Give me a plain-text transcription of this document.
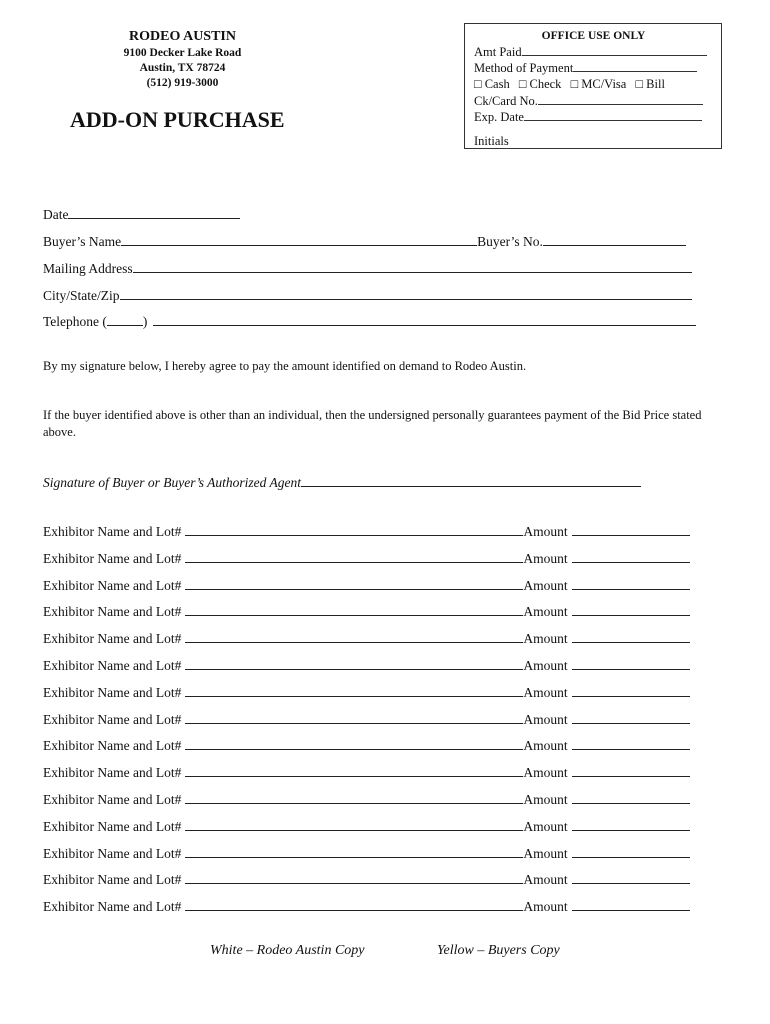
RODEO AUSTIN
9100 Decker Lake Road
Austin, TX 78724
(512) 919-3000
ADD-ON PURCHASE
OFFICE USE ONLY
Amt Paid
Method of Payment
□ Cash □ Check □ MC/Visa □ Bill
Ck/Card No.
Exp. Date
Initials
Date
Buyer’s Name	Buyer’s No.
Mailing Address
City/State/Zip
Telephone (	)
By my signature below, I hereby agree to pay the amount identified on demand to Rodeo Austin.
If the buyer identified above is other than an individual, then the undersigned personally guarantees payment of the Bid Price stated above.
Signature of Buyer or Buyer’s Authorized Agent
Exhibitor Name and Lot#	Amount
Exhibitor Name and Lot#	Amount
Exhibitor Name and Lot#	Amount
Exhibitor Name and Lot#	Amount
Exhibitor Name and Lot#	Amount
Exhibitor Name and Lot#	Amount
Exhibitor Name and Lot#	Amount
Exhibitor Name and Lot#	Amount
Exhibitor Name and Lot#	Amount
Exhibitor Name and Lot#	Amount
Exhibitor Name and Lot#	Amount
Exhibitor Name and Lot#	Amount
Exhibitor Name and Lot#	Amount
Exhibitor Name and Lot#	Amount
Exhibitor Name and Lot#	Amount
White – Rodeo Austin Copy	Yellow – Buyers Copy
